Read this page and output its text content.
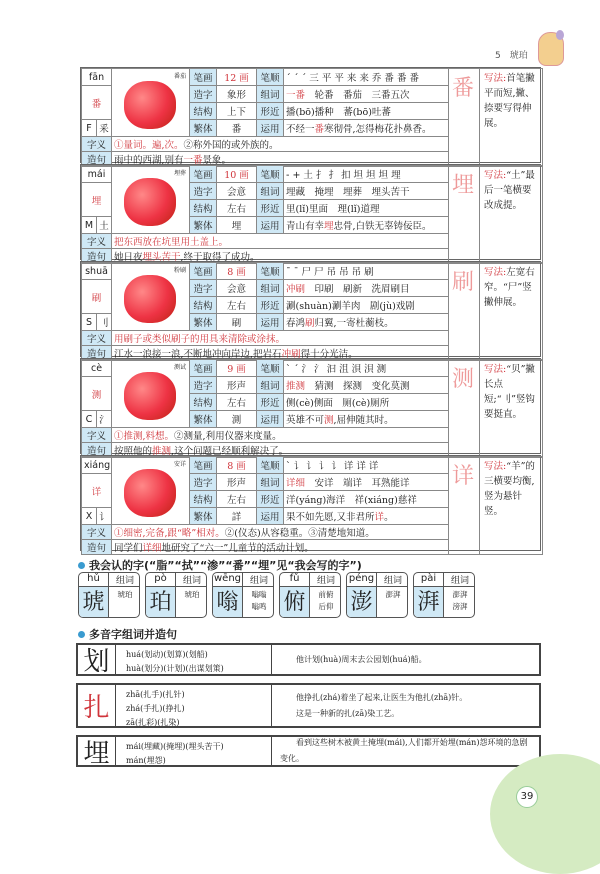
5　琥珀
fān		番茄	笔画	12 画	笔顺	ˊ ˊ ˊ 三 平 平 来 来 乔 番 番 番	番	写法:首笔撇平而短,撇、捺要写得伸展。
番			造字	象形	组词	一番　轮番　番茄　三番五次		
			结构	上下	形近	播(bō)播种　蕃(bō)吐蕃		
F	釆		繁体	番	运用	不经一番寒彻骨,怎得梅花扑鼻香。		
字义		①量词。遍,次。②称外国的或外族的。						
造句		雨中的西湖,别有一番景象。						
mái		埋葬	笔画	10 画	笔顺	- + 土 扌 扌 扣 坦 坦 坦 埋	埋	写法:“土”最后一笔横要改成提。
埋			造字	会意	组词	埋藏　掩埋　埋葬　埋头苦干		
			结构	左右	形近	里(lǐ)里面　理(lǐ)道理		
M	土		繁体	埋	运用	青山有幸埋忠骨,白铁无辜铸佞臣。		
字义		把东西放在坑里用土盖上。						
造句		她日夜埋头苦干,终于取得了成功。						
shuā		粉刷	笔画	8 画	笔顺	ˉ ˉ 尸 尸 吊 吊 吊 刷	刷	写法:左宽右窄。“尸”竖撇伸展。
刷			造字	会意	组词	冲刷　印刷　刷新　洗眉刷目		
			结构	左右	形近	涮(shuàn)涮羊肉　剧(jù)戏剧		
S	刂		繁体	刷	运用	春鸿刷归翼,一寄杜蘅枝。		
字义		用刷子或类似刷子的用具来清除或涂抹。						
造句		江水一浪接一浪,不断地冲向岸边,把岩石冲刷得十分光洁。						
cè		测试	笔画	9 画	笔顺	ˋ ˊ 氵 氵 汩 沮 浿 浿 测	测	写法:“贝”撇长点短;“刂”竖钩要挺直。
测			造字	形声	组词	推测　猜测　探测　变化莫测		
			结构	左右	形近	侧(cè)侧面　厕(cè)厕所		
C	氵		繁体	測	运用	英雄不可测,屈伸随其时。		
字义		①推测,料想。②测量,利用仪器来度量。						
造句		按照他的推测,这个问题已经顺利解决了。						
xiáng		安详	笔画	8 画	笔顺	ˋ 讠 讠 讠 讠 详 详 详	详	写法:“羊”的三横要均衡,竖为悬针竖。
详			造字	形声	组词	详细　安详　端详　耳熟能详		
			结构	左右	形近	洋(yáng)海洋　祥(xiáng)慈祥		
X	讠		繁体	詳	运用	果不如先愿,又非君所详。		
字义		①细密,完备,跟“略”相对。②(仪态)从容稳重。③清楚地知道。						
造句		同学们详细地研究了“六一”儿童节的活动计划。						
我会认的字(“脂”“拭”“渗”“番”“埋”见“我会写的字”)
hǔ	组词
琥	琥珀
pò	组词
珀	琥珀
wēng 组词
嗡	嗡嗡
嗡鸣
fǔ	组词
俯	前俯
后仰
péng	组词
澎	澎湃
pài	组词
湃	澎湃
滂湃
多音字组词并造句
划	huá(划动)(划算)(划船)
huà(划分)(计划)(出谋划策)
　　他计划(huà)周末去公园划(huá)船。
扎	zhā(扎手)(扎针)
zhá(手扎)(挣扎)
zā(扎彩)(扎染)
　　他挣扎(zhá)着坐了起来,让医生为他扎(zhā)针。
　　这是一种新的扎(zā)染工艺。
埋	mái(埋藏)(掩埋)(埋头苦干)
mán(埋怨)
　　看到这些树木被黄土掩埋(mái),人们都开始埋(mán)怨环境的急剧变化。
39
